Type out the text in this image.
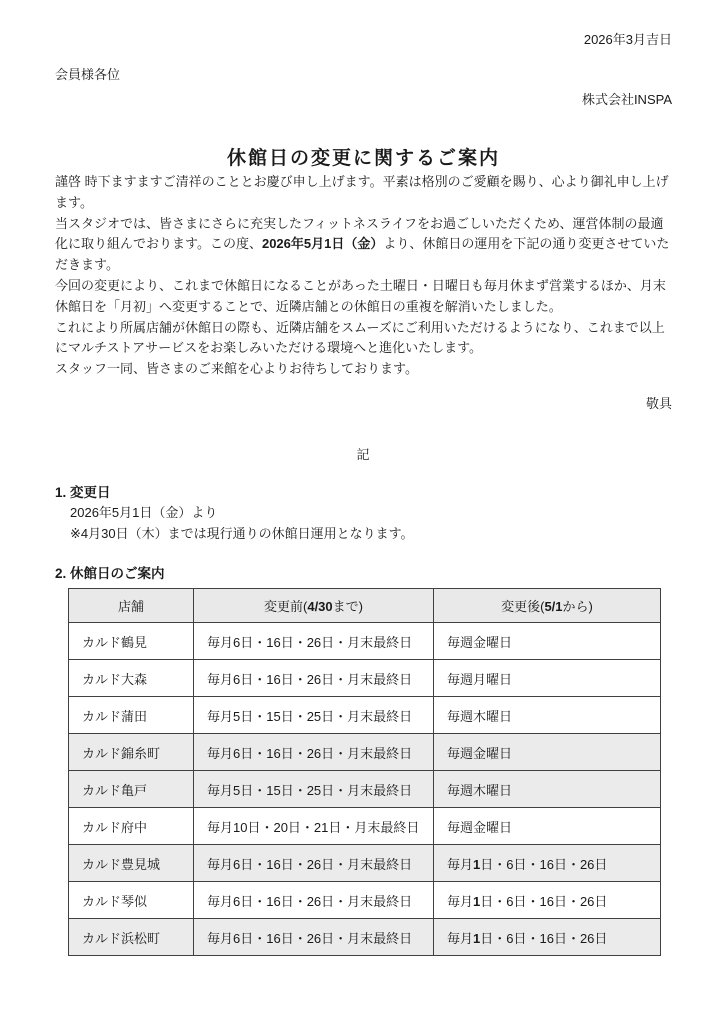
2026年3月吉日
会員様各位
株式会社INSPA
休館日の変更に関するご案内

謹啓 時下ますますご清祥のこととお慶び申し上げます。平素は格別のご愛顧を賜り、心より御礼申し上げます。

当スタジオでは、皆さまにさらに充実したフィットネスライフをお過ごしいただくため、運営体制の最適化に取り組んでおります。この度、2026年5月1日（金）より、休館日の運用を下記の通り変更させていただきます。

今回の変更により、これまで休館日になることがあった土曜日・日曜日も毎月休まず営業するほか、月末休館日を「月初」へ変更することで、近隣店舗との休館日の重複を解消いたしました。

これにより所属店舗が休館日の際も、近隣店舗をスムーズにご利用いただけるようになり、これまで以上にマルチストアサービスをお楽しみいただける環境へと進化いたします。

スタッフ一同、皆さまのご来館を心よりお待ちしております。

敬具
記
1. 変更日
2026年5月1日（金）より
※4月30日（木）までは現行通りの休館日運用となります。
2. 休館日のご案内
店舗	変更前(4/30まで)	変更後(5/1から)
カルド鶴見	毎月6日・16日・26日・月末最終日	毎週金曜日
カルド大森	毎月6日・16日・26日・月末最終日	毎週月曜日
カルド蒲田	毎月5日・15日・25日・月末最終日	毎週木曜日
カルド錦糸町	毎月6日・16日・26日・月末最終日	毎週金曜日
カルド亀戸	毎月5日・15日・25日・月末最終日	毎週木曜日
カルド府中	毎月10日・20日・21日・月末最終日	毎週金曜日
カルド豊見城	毎月6日・16日・26日・月末最終日	毎月1日・6日・16日・26日
カルド琴似	毎月6日・16日・26日・月末最終日	毎月1日・6日・16日・26日
カルド浜松町	毎月6日・16日・26日・月末最終日	毎月1日・6日・16日・26日
